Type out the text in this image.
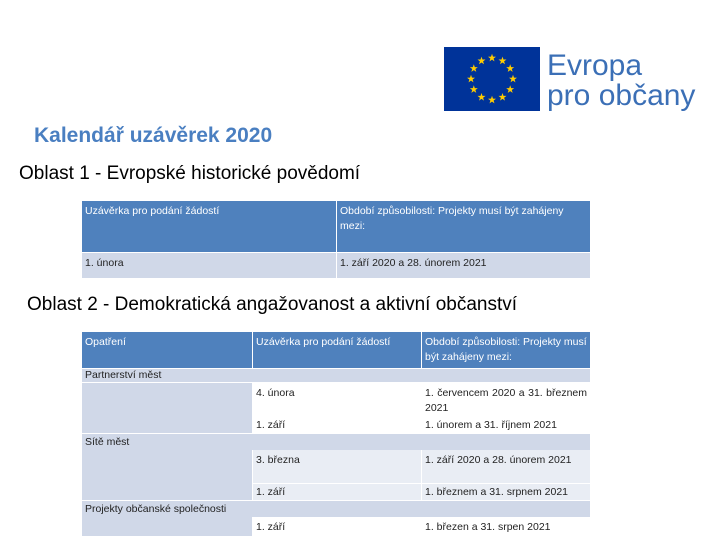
Evropa
pro občany
Kalendář uzávěrek 2020
Oblast 1 - Evropské historické povědomí
Uzávěrka pro podání žádostí	Období způsobilosti: Projekty musí být zahájeny mezi:
1. února	1. září 2020 a 28. únorem 2021
Oblast 2 - Demokratická angažovanost a aktivní občanství
Opatření	Uzávěrka pro podání žádostí	Období způsobilosti: Projekty musí být zahájeny mezi:
Partnerství měst
4. února	1. červencem 2020 a 31. březnem 2021
1. září	1. únorem a 31. říjnem 2021
Sítě měst
3. března	1. září 2020 a 28. únorem 2021
1. září	1. březnem a 31. srpnem 2021
Projekty občanské společnosti
1. září	1. březen a 31. srpen 2021
